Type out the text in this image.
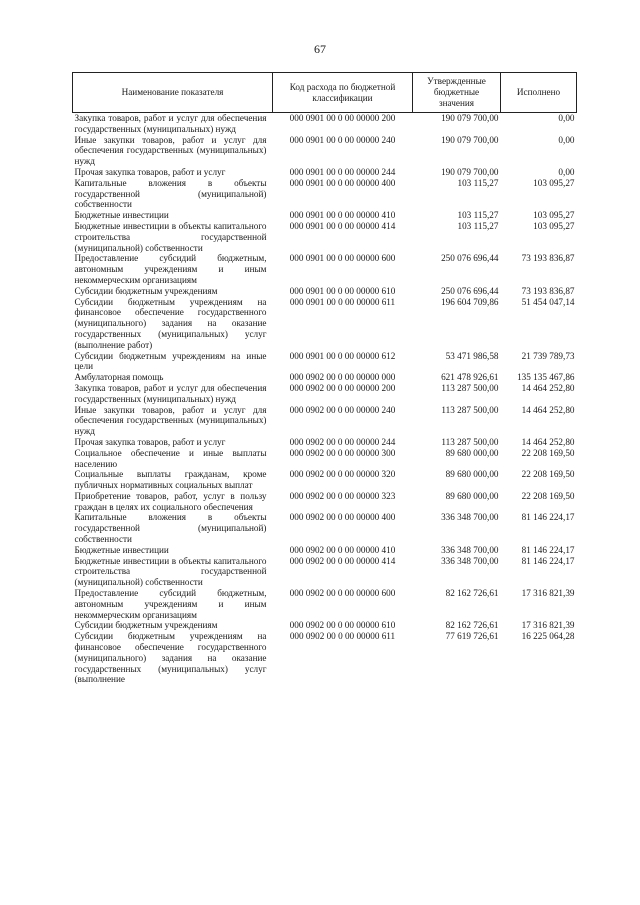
67
Наименование показателя	Код расхода по бюджетной классификации	Утвержденные бюджетные значения	Исполнено
Закупка товаров, работ и услуг для обеспечения государственных (муниципальных) нужд	000 0901 00 0 00 00000 200	190 079 700,00	0,00
Иные закупки товаров, работ и услуг для обеспечения государственных (муниципальных) нужд	000 0901 00 0 00 00000 240	190 079 700,00	0,00
Прочая закупка товаров, работ и услуг	000 0901 00 0 00 00000 244	190 079 700,00	0,00
Капитальные вложения в объекты государственной (муниципальной) собственности	000 0901 00 0 00 00000 400	103 115,27	103 095,27
Бюджетные инвестиции	000 0901 00 0 00 00000 410	103 115,27	103 095,27
Бюджетные инвестиции в объекты капитального строительства государственной (муниципальной) собственности	000 0901 00 0 00 00000 414	103 115,27	103 095,27
Предоставление субсидий бюджетным, автономным учреждениям и иным некоммерческим организациям	000 0901 00 0 00 00000 600	250 076 696,44	73 193 836,87
Субсидии бюджетным учреждениям	000 0901 00 0 00 00000 610	250 076 696,44	73 193 836,87
Субсидии бюджетным учреждениям на финансовое обеспечение государственного (муниципального) задания на оказание государственных (муниципальных) услуг (выполнение работ)	000 0901 00 0 00 00000 611	196 604 709,86	51 454 047,14
Субсидии бюджетным учреждениям на иные цели	000 0901 00 0 00 00000 612	53 471 986,58	21 739 789,73
Амбулаторная помощь	000 0902 00 0 00 00000 000	621 478 926,61	135 135 467,86
Закупка товаров, работ и услуг для обеспечения государственных (муниципальных) нужд	000 0902 00 0 00 00000 200	113 287 500,00	14 464 252,80
Иные закупки товаров, работ и услуг для обеспечения государственных (муниципальных) нужд	000 0902 00 0 00 00000 240	113 287 500,00	14 464 252,80
Прочая закупка товаров, работ и услуг	000 0902 00 0 00 00000 244	113 287 500,00	14 464 252,80
Социальное обеспечение и иные выплаты населению	000 0902 00 0 00 00000 300	89 680 000,00	22 208 169,50
Социальные выплаты гражданам, кроме публичных нормативных социальных выплат	000 0902 00 0 00 00000 320	89 680 000,00	22 208 169,50
Приобретение товаров, работ, услуг в пользу граждан в целях их социального обеспечения	000 0902 00 0 00 00000 323	89 680 000,00	22 208 169,50
Капитальные вложения в объекты государственной (муниципальной) собственности	000 0902 00 0 00 00000 400	336 348 700,00	81 146 224,17
Бюджетные инвестиции	000 0902 00 0 00 00000 410	336 348 700,00	81 146 224,17
Бюджетные инвестиции в объекты капитального строительства государственной (муниципальной) собственности	000 0902 00 0 00 00000 414	336 348 700,00	81 146 224,17
Предоставление субсидий бюджетным, автономным учреждениям и иным некоммерческим организациям	000 0902 00 0 00 00000 600	82 162 726,61	17 316 821,39
Субсидии бюджетным учреждениям	000 0902 00 0 00 00000 610	82 162 726,61	17 316 821,39
Субсидии бюджетным учреждениям на финансовое обеспечение государственного (муниципального) задания на оказание государственных (муниципальных) услуг (выполнение	000 0902 00 0 00 00000 611	77 619 726,61	16 225 064,28
